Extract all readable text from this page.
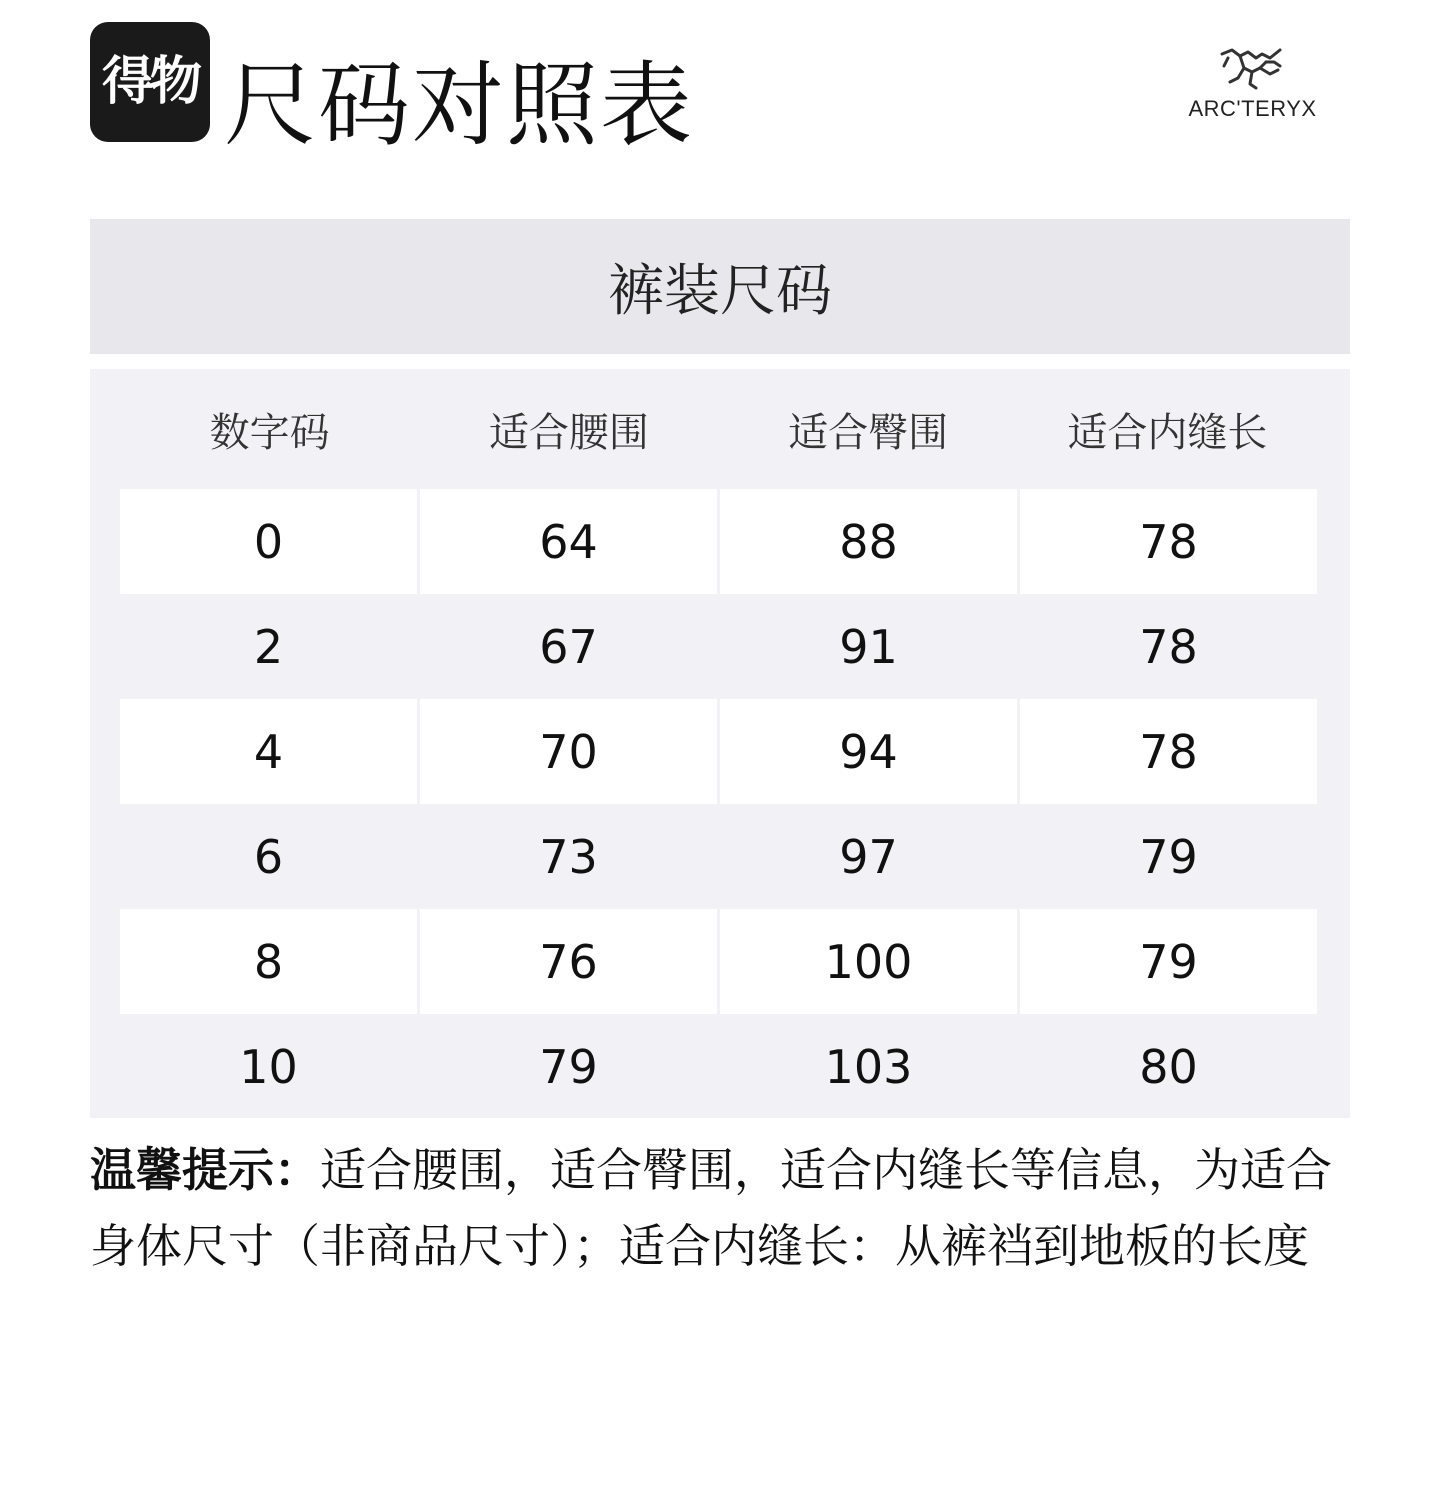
得物 尺码对照表	ARC'TERYX
裤装尺码
数字码	适合腰围	适合臀围	适合内缝长
0	64	88	78
2	67	91	78
4	70	94	78
6	73	97	79
8	76	100	79
10	79	103	80
温馨提示：适合腰围，适合臀围，适合内缝长等信息，为适合身体尺寸（非商品尺寸）；适合内缝长：从裤裆到地板的长度
